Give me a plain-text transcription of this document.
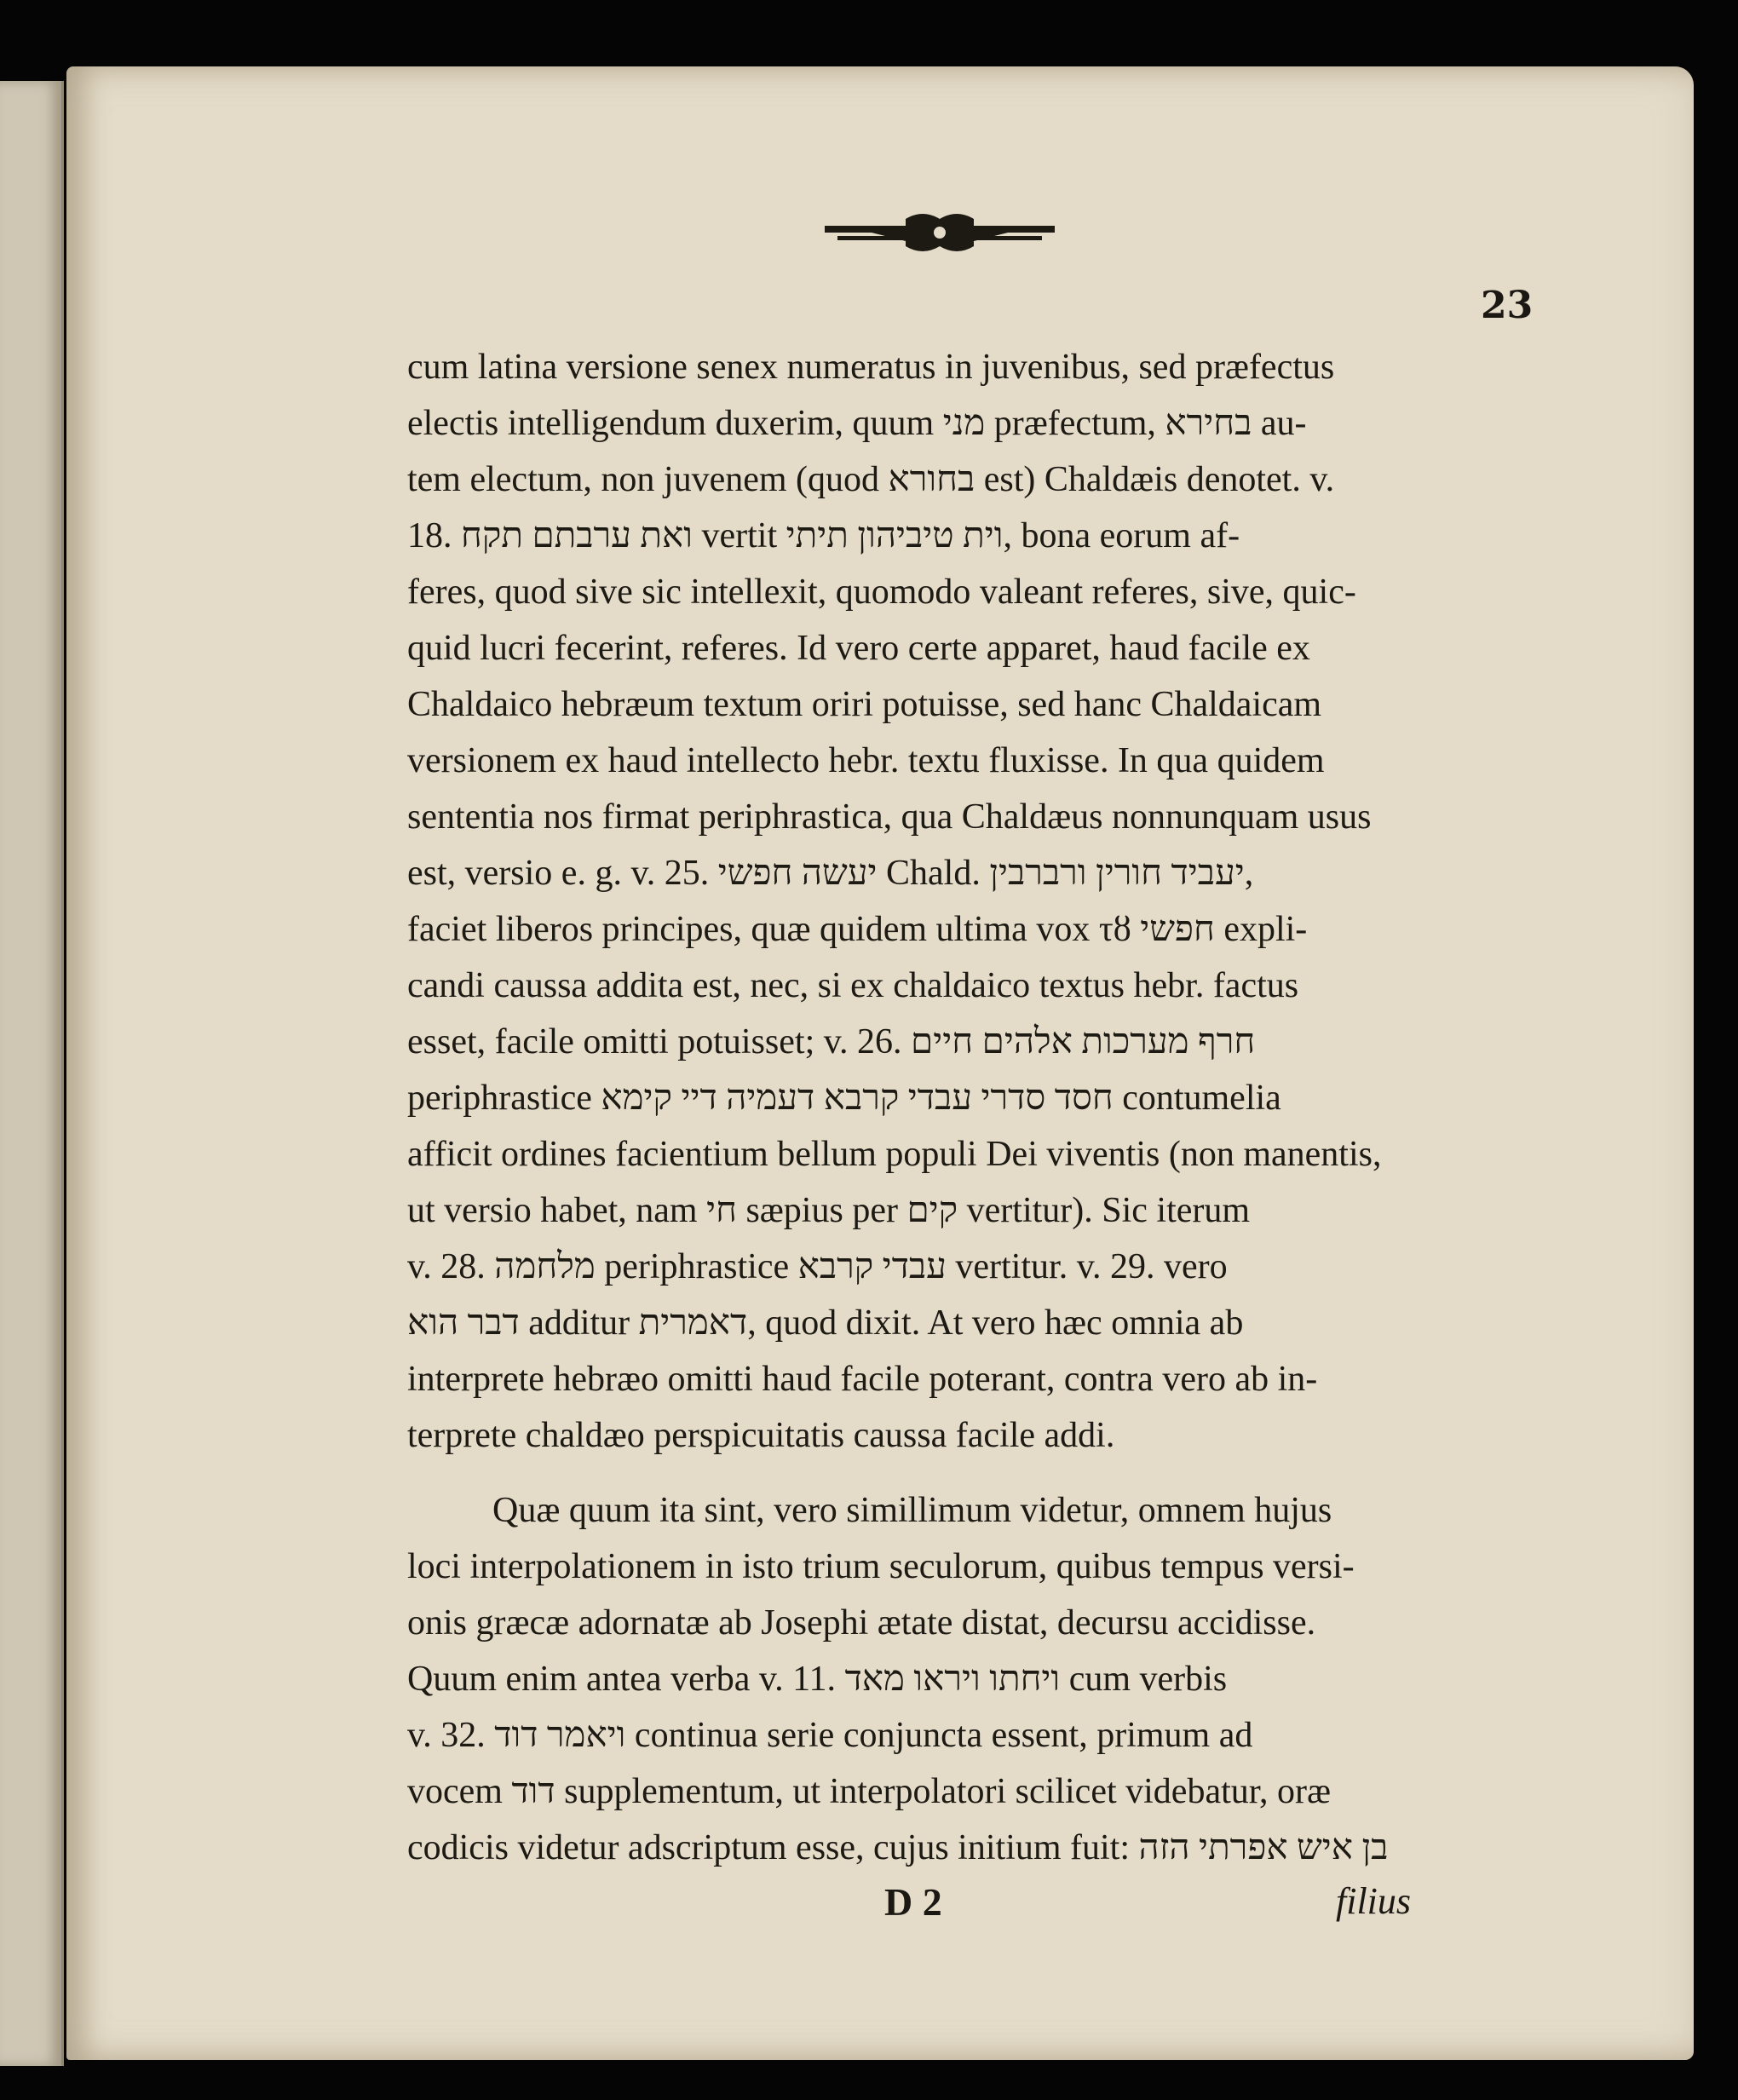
23
cum latina versione senex numeratus in juvenibus, sed præfectus
electis intelligendum duxerim, quum מני præfectum, בחירא au-
tem electum, non juvenem (quod בחורא est) Chaldæis denotet. v.
18. ואת ערבתם תקח vertit וית טיביהון תיתי, bona eorum af-
feres, quod sive sic intellexit, quomodo valeant referes, sive, quic-
quid lucri fecerint, referes. Id vero certe apparet, haud facile ex
Chaldaico hebræum textum oriri potuisse, sed hanc Chaldaicam
versionem ex haud intellecto hebr. textu fluxisse. In qua quidem
sententia nos firmat periphrastica, qua Chaldæus nonnunquam usus
est, versio e. g. v. 25. יעשה חפשי Chald. יעביד חורין ורברבין,
faciet liberos principes, quæ quidem ultima vox τȣ חפשי expli-
candi caussa addita est, nec, si ex chaldaico textus hebr. factus
esset, facile omitti potuisset; v. 26. חרף מערכות אלהים חיים
periphrastice חסד סדרי עבדי קרבא דעמיה דיי קימא contumelia
afficit ordines facientium bellum populi Dei viventis (non manentis,
ut versio habet, nam חי sæpius per קים vertitur). Sic iterum
v. 28. מלחמה periphrastice עבדי קרבא vertitur. v. 29. vero
דבר הוא additur דאמרית, quod dixit. At vero hæc omnia ab
interprete hebræo omitti haud facile poterant, contra vero ab in-
terprete chaldæo perspicuitatis caussa facile addi.
Quæ quum ita sint, vero simillimum videtur, omnem hujus
loci interpolationem in isto trium seculorum, quibus tempus versi-
onis græcæ adornatæ ab Josephi ætate distat, decursu accidisse.
Quum enim antea verba v. 11. ויחתו ויראו מאד cum verbis
v. 32. ויאמר דוד continua serie conjuncta essent, primum ad
vocem דוד supplementum, ut interpolatori scilicet videbatur, oræ
codicis videtur adscriptum esse, cujus initium fuit: בן איש אפרתי הזה
D 2	filius
